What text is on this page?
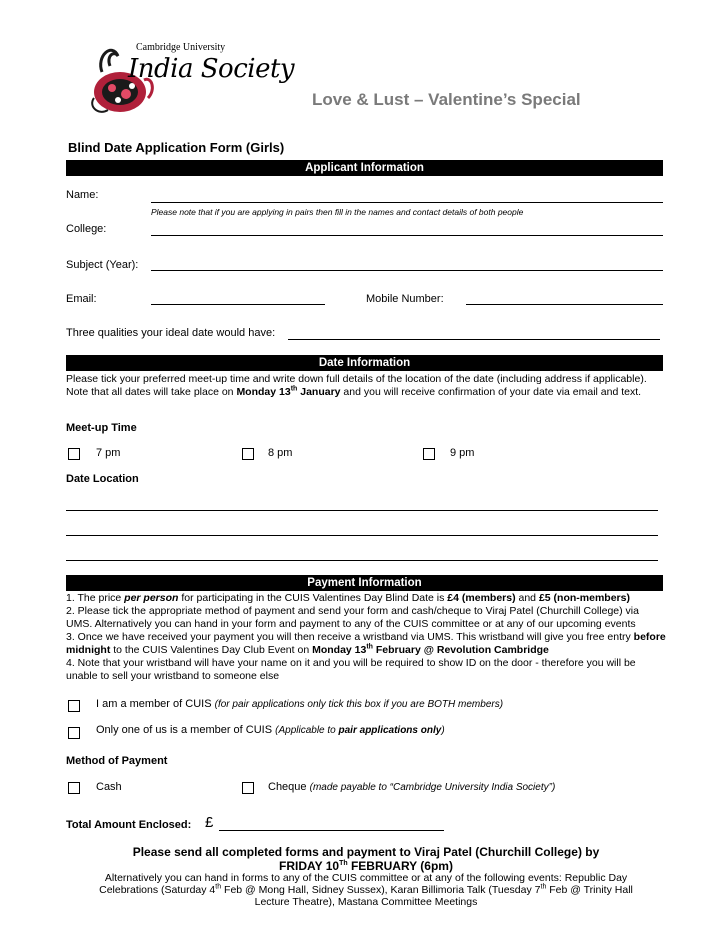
Cambridge University
India Society
Love & Lust – Valentine’s Special
Blind Date Application Form (Girls)
Applicant Information
Name:
Please note that if you are applying in pairs then fill in the names and contact details of both people
College:
Subject (Year):
Email:	Mobile Number:
Three qualities your ideal date would have:
Date Information
Please tick your preferred meet-up time and write down full details of the location of the date (including address if applicable). Note that all dates will take place on Monday 13th January and you will receive confirmation of your date via email and text.
Meet-up Time
7 pm	8 pm	9 pm
Date Location
Payment Information
1. The price per person for participating in the CUIS Valentines Day Blind Date is £4 (members) and £5 (non-members)
2. Please tick the appropriate method of payment and send your form and cash/cheque to Viraj Patel (Churchill College) via UMS. Alternatively you can hand in your form and payment to any of the CUIS committee or at any of our upcoming events
3. Once we have received your payment you will then receive a wristband via UMS. This wristband will give you free entry before midnight to the CUIS Valentines Day Club Event on Monday 13th February @ Revolution Cambridge
4. Note that your wristband will have your name on it and you will be required to show ID on the door - therefore you will be unable to sell your wristband to someone else
I am a member of CUIS (for pair applications only tick this box if you are BOTH members)
Only one of us is a member of CUIS (Applicable to pair applications only)
Method of Payment
Cash	Cheque (made payable to “Cambridge University India Society”)
Total Amount Enclosed: £
Please send all completed forms and payment to Viraj Patel (Churchill College) by
FRIDAY 10Th FEBRUARY (6pm)
Alternatively you can hand in forms to any of the CUIS committee or at any of the following events: Republic Day
Celebrations (Saturday 4th Feb @ Mong Hall, Sidney Sussex), Karan Billimoria Talk (Tuesday 7th Feb @ Trinity Hall
Lecture Theatre), Mastana Committee Meetings
